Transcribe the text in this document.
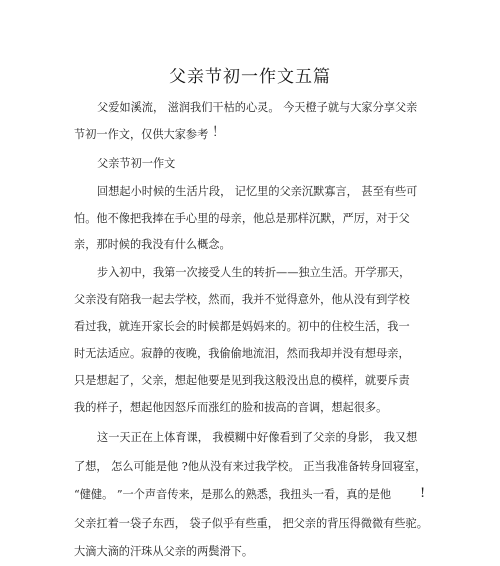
父亲节初一作文五篇
父爱如溪流， 滋润我们干枯的心灵。 今天橙子就与大家分享父亲
节初一作文，仅供大家参考 ！
父亲节初一作文
回想起小时候的生活片段， 记忆里的父亲沉默寡言， 甚至有些可
怕。他不像把我捧在手心里的母亲，他总是那样沉默，严厉，对于父
亲，那时候的我没有什么概念。
步入初中，我第一次接受人生的转折——独立生活。开学那天，
父亲没有陪我一起去学校，然而，我并不觉得意外，他从没有到学校
看过我，就连开家长会的时候都是妈妈来的。初中的住校生活，我一
时无法适应。寂静的夜晚，我偷偷地流泪，然而我却并没有想母亲，
只是想起了，父亲，想起他要是见到我这般没出息的模样，就要斥责
我的样子，想起他因怒斥而涨红的脸和拔高的音调，想起很多。
这一天正在上体育课， 我模糊中好像看到了父亲的身影， 我又想
了想， 怎么可能是他 ?他从没有来过我学校。 正当我准备转身回寝室，
“健健。 ”一个声音传来，是那么的熟悉，我扭头一看，真的是他 !
父亲扛着一袋子东西， 袋子似乎有些重， 把父亲的背压得微微有些驼。
大滴大滴的汗珠从父亲的两鬓滑下。
